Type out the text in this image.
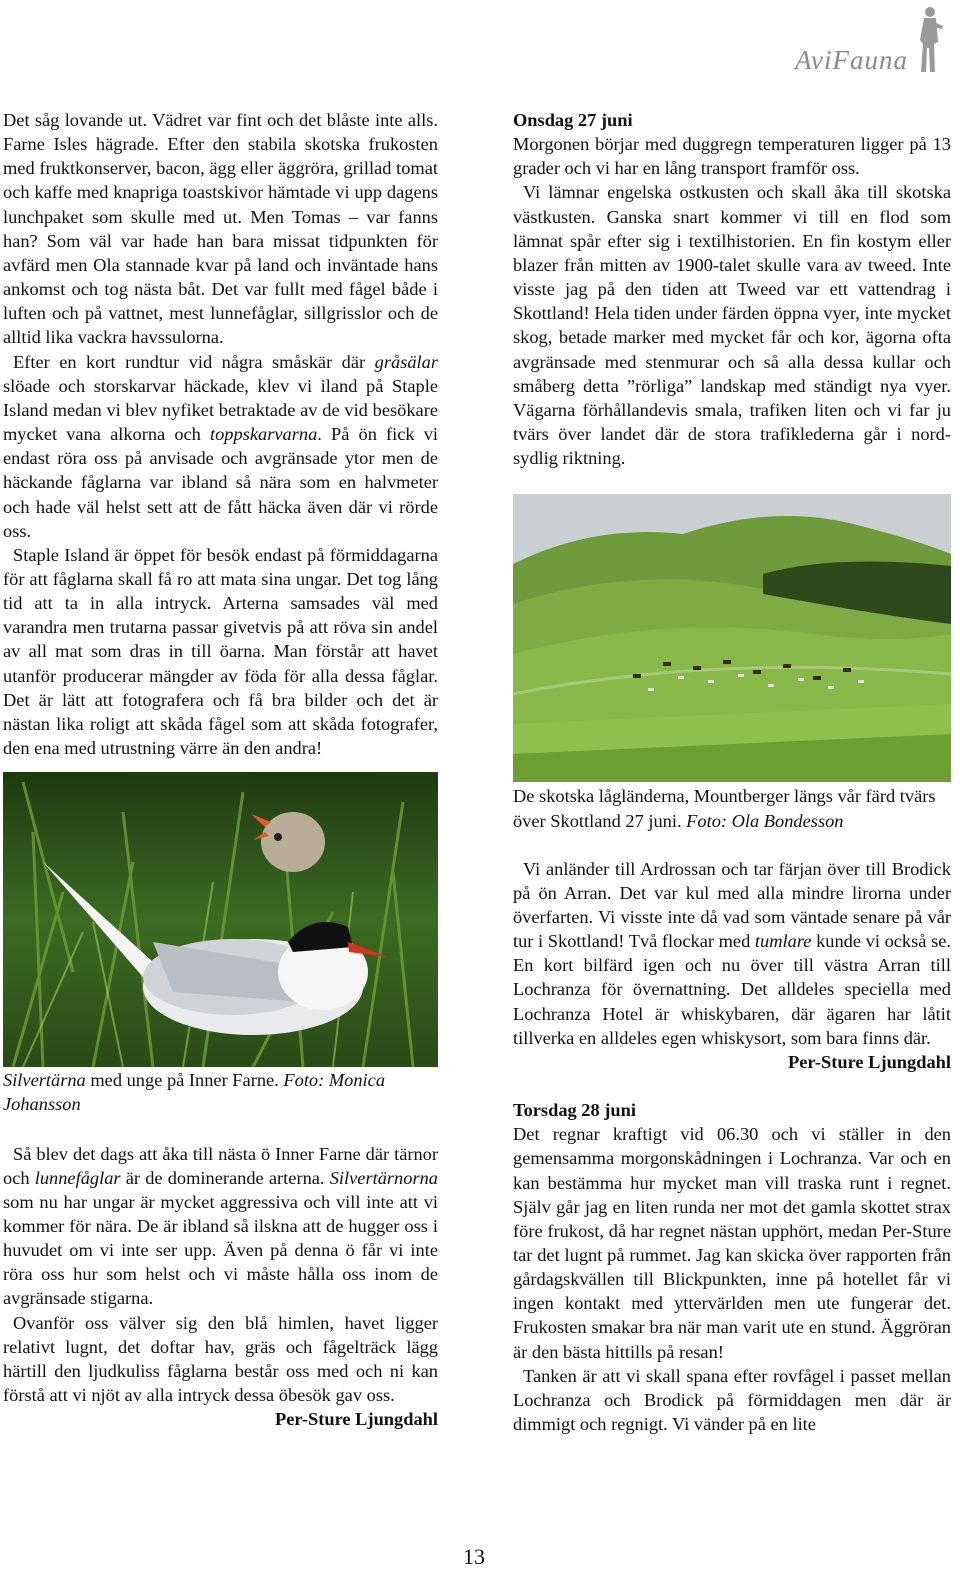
AviFauna

Det såg lovande ut. Vädret var fint och det blåste inte alls. Farne Isles hägrade. Efter den stabila skotska frukosten med fruktkonserver, bacon, ägg eller äggröra, grillad tomat och kaffe med knapriga toastskivor hämtade vi upp dagens lunchpaket som skulle med ut. Men Tomas – var fanns han? Som väl var hade han bara missat tidpunkten för avfärd men Ola stannade kvar på land och inväntade hans ankomst och tog nästa båt. Det var fullt med fågel både i luften och på vattnet, mest lunnefåglar, sillgrisslor och de alltid lika vackra havssulorna.

Efter en kort rundtur vid några småskär där gråsälar slöade och storskarvar häckade, klev vi iland på Staple Island medan vi blev nyfiket betraktade av de vid besökare mycket vana alkorna och toppskarvarna. På ön fick vi endast röra oss på anvisade och avgränsade ytor men de häckande fåglarna var ibland så nära som en halvmeter och hade väl helst sett att de fått häcka även där vi rörde oss.

Staple Island är öppet för besök endast på förmiddagarna för att fåglarna skall få ro att mata sina ungar. Det tog lång tid att ta in alla intryck. Arterna samsades väl med varandra men trutarna passar givetvis på att röva sin andel av all mat som dras in till öarna. Man förstår att havet utanför producerar mängder av föda för alla dessa fåglar. Det är lätt att fotografera och få bra bilder och det är nästan lika roligt att skåda fågel som att skåda fotografer, den ena med utrustning värre än den andra!

Silvertärna med unge på Inner Farne. Foto: Monica Johansson

Så blev det dags att åka till nästa ö Inner Farne där tärnor och lunnefåglar är de dominerande arterna. Silvertärnorna som nu har ungar är mycket aggressiva och vill inte att vi kommer för nära. De är ibland så ilskna att de hugger oss i huvudet om vi inte ser upp. Även på denna ö får vi inte röra oss hur som helst och vi måste hålla oss inom de avgränsade stigarna.

Ovanför oss välver sig den blå himlen, havet ligger relativt lugnt, det doftar hav, gräs och fågelträck lägg härtill den ljudkuliss fåglarna består oss med och ni kan förstå att vi njöt av alla intryck dessa öbesök gav oss.

Per-Sture Ljungdahl

Onsdag 27 juni

Morgonen börjar med duggregn temperaturen ligger på 13 grader och vi har en lång transport framför oss.

Vi lämnar engelska ostkusten och skall åka till skotska västkusten. Ganska snart kommer vi till en flod som lämnat spår efter sig i textilhistorien. En fin kostym eller blazer från mitten av 1900-talet skulle vara av tweed. Inte visste jag på den tiden att Tweed var ett vattendrag i Skottland! Hela tiden under färden öppna vyer, inte mycket skog, betade marker med mycket får och kor, ägorna ofta avgränsade med stenmurar och så alla dessa kullar och småberg detta ”rörliga” landskap med ständigt nya vyer. Vägarna förhållandevis smala, trafiken liten och vi far ju tvärs över landet där de stora trafiklederna går i nord-sydlig riktning.

De skotska lågländerna, Mountberger längs vår färd tvärs över Skottland 27 juni. Foto: Ola Bondesson

Vi anländer till Ardrossan och tar färjan över till Brodick på ön Arran. Det var kul med alla mindre lirorna under överfarten. Vi visste inte då vad som väntade senare på vår tur i Skottland! Två flockar med tumlare kunde vi också se. En kort bilfärd igen och nu över till västra Arran till Lochranza för övernattning. Det alldeles speciella med Lochranza Hotel är whiskybaren, där ägaren har låtit tillverka en alldeles egen whiskysort, som bara finns där.

Per-Sture Ljungdahl

Torsdag 28 juni

Det regnar kraftigt vid 06.30 och vi ställer in den gemensamma morgonskådningen i Lochranza. Var och en kan bestämma hur mycket man vill traska runt i regnet. Själv går jag en liten runda ner mot det gamla skottet strax före frukost, då har regnet nästan upphört, medan Per-Sture tar det lugnt på rummet. Jag kan skicka över rapporten från gårdagskvällen till Blickpunkten, inne på hotellet får vi ingen kontakt med yttervärlden men ute fungerar det. Frukosten smakar bra när man varit ute en stund. Äggröran är den bästa hittills på resan!

Tanken är att vi skall spana efter rovfågel i passet mellan Lochranza och Brodick på förmiddagen men där är dimmigt och regnigt. Vi vänder på en lite

13
